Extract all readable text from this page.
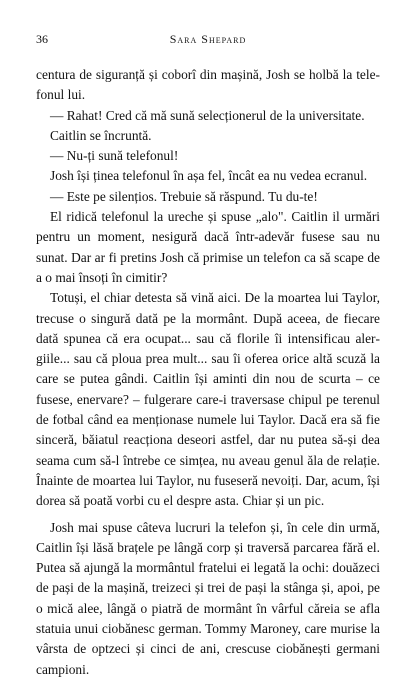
36	Sara Shepard

centura de siguranță și coborî din mașină, Josh se holbă la telefonul lui.

— Rahat! Cred că mă sună selecționerul de la universitate.

Caitlin se încruntă.

— Nu-ți sună telefonul!

Josh își ținea telefonul în așa fel, încât ea nu vedea ecranul.

— Este pe silențios. Trebuie să răspund. Tu du-te!

El ridică telefonul la ureche și spuse „alo". Caitlin il urmări pentru un moment, nesigură dacă într-adevăr fusese sau nu sunat. Dar ar fi pretins Josh că primise un telefon ca să scape de a o mai însoți în cimitir?

Totuși, el chiar detesta să vină aici. De la moartea lui Taylor, trecuse o singură dată pe la mormânt. După aceea, de fiecare dată spunea că era ocupat... sau că florile îi intensificau alergiile... sau că ploua prea mult... sau îi oferea orice altă scuză la care se putea gândi. Caitlin își aminti din nou de scurta – ce fusese, enervare? – fulgerare care-i traversase chipul pe terenul de fotbal când ea menționase numele lui Taylor. Dacă era să fie sinceră, băiatul reacționa deseori astfel, dar nu putea să-și dea seama cum să-l întrebe ce simțea, nu aveau genul ăla de relație. Înainte de moartea lui Taylor, nu fuseseră nevoiți. Dar, acum, își dorea să poată vorbi cu el despre asta. Chiar și un pic.

Josh mai spuse câteva lucruri la telefon și, în cele din urmă, Caitlin își lăsă brațele pe lângă corp și traversă parcarea fără el. Putea să ajungă la mormântul fratelui ei legată la ochi: douăzeci de pași de la mașină, treizeci și trei de pași la stânga și, apoi, pe o mică alee, lângă o piatră de mormânt în vârful căreia se afla statuia unui ciobănesc german. Tommy Maroney, care murise la vârsta de optzeci și cinci de ani, crescuse ciobănești germani campioni.
